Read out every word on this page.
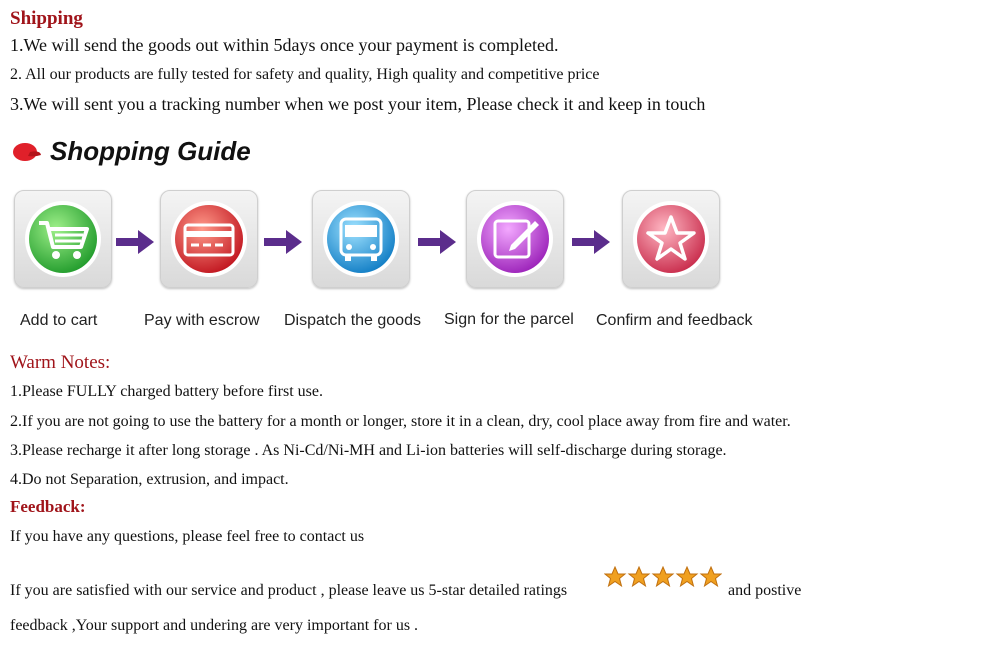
Shipping
1.We will send the goods out within 5days once your payment is completed.
2. All our products are fully tested for safety and quality, High quality and competitive price
3.We will sent you a tracking number when we post your item, Please check it and keep in touch
Shopping Guide
Add to cart	Pay with escrow Dispatch the goods Sign for the parcel Confirm and feedback
Warm Notes:
1.Please FULLY charged battery before first use.
2.If you are not going to use the battery for a month or longer, store it in a clean, dry, cool place away from fire and water.
3.Please recharge it after long storage . As Ni-Cd/Ni-MH and Li-ion batteries will self-discharge during storage.
4.Do not Separation, extrusion, and impact.
Feedback:
If you have any questions, please feel free to contact us
If you are satisfied with our service and product , please leave us 5-star detailed ratings	and postive
feedback ,Your support and undering are very important for us .
